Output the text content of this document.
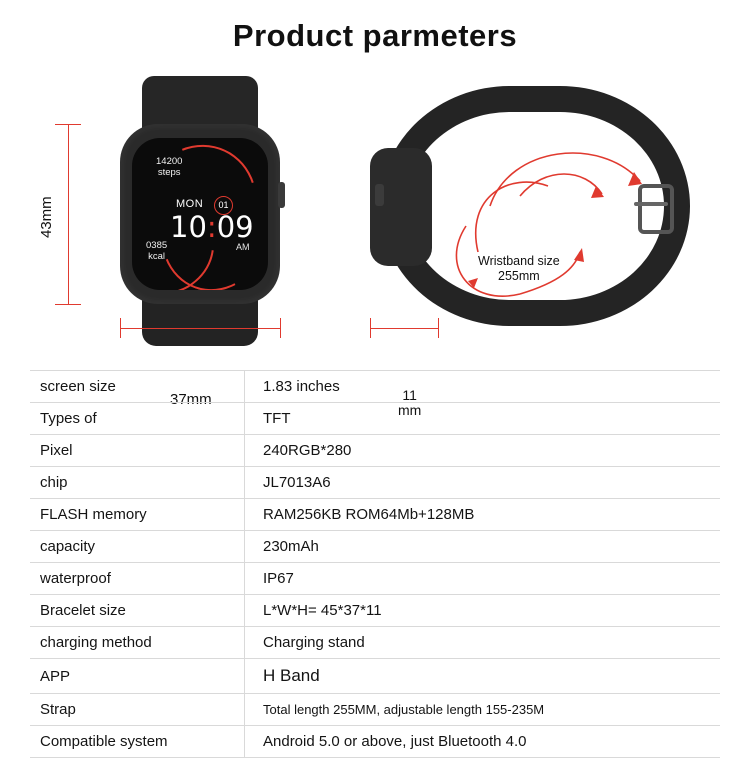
Product parmeters
14200
steps
0385
kcal
MON	01
10:09
AM
43mm
37mm
Wristband size
255mm
11
mm
screen size	1.83 inches
Types of	TFT
Pixel	240RGB*280
chip	JL7013A6
FLASH memory	RAM256KB ROM64Mb+128MB
capacity	230mAh
waterproof	IP67
Bracelet size	L*W*H= 45*37*11
charging method	Charging stand
APP	H Band
Strap	Total length 255MM, adjustable length 155-235M
Compatible system	Android 5.0 or above, just Bluetooth 4.0
